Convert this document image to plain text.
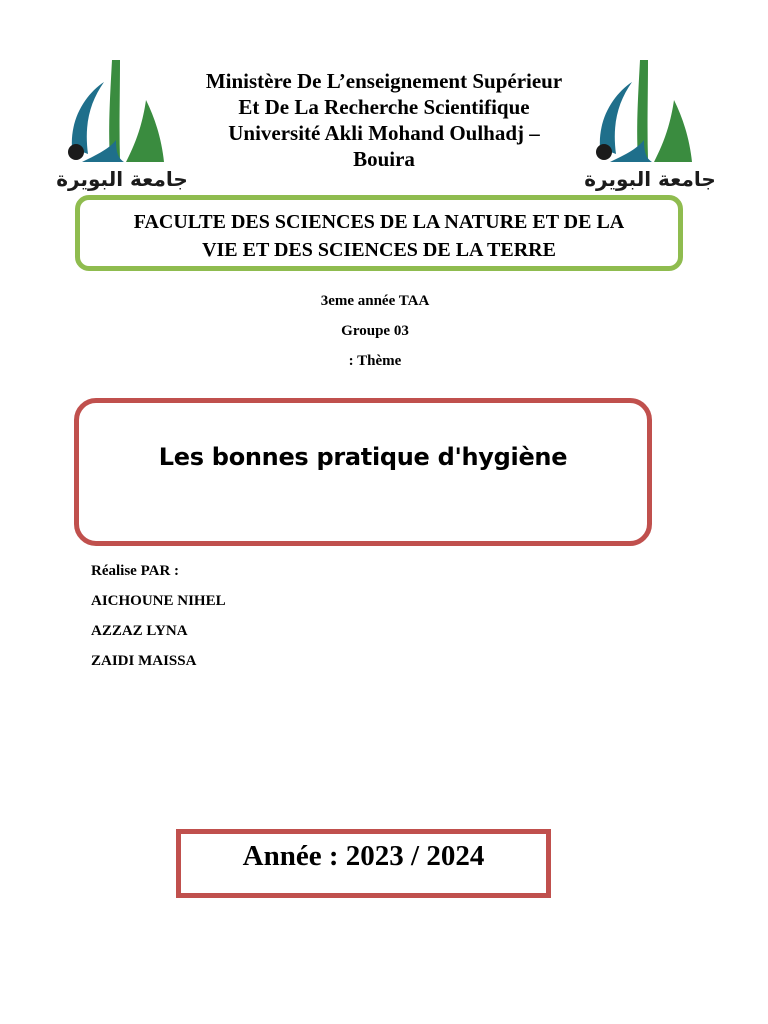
جامعة البويرة
Ministère De L’enseignement Supérieur
Et De La Recherche Scientifique
Université Akli Mohand Oulhadj –
Bouira
جامعة البويرة
FACULTE DES SCIENCES DE LA NATURE ET DE LA
VIE ET DES SCIENCES DE LA TERRE
3eme année TAA
Groupe 03
: Thème
Les bonnes pratique d'hygiène
Réalise PAR :
AICHOUNE NIHEL
AZZAZ LYNA
ZAIDI MAISSA
Année : 2023 / 2024
